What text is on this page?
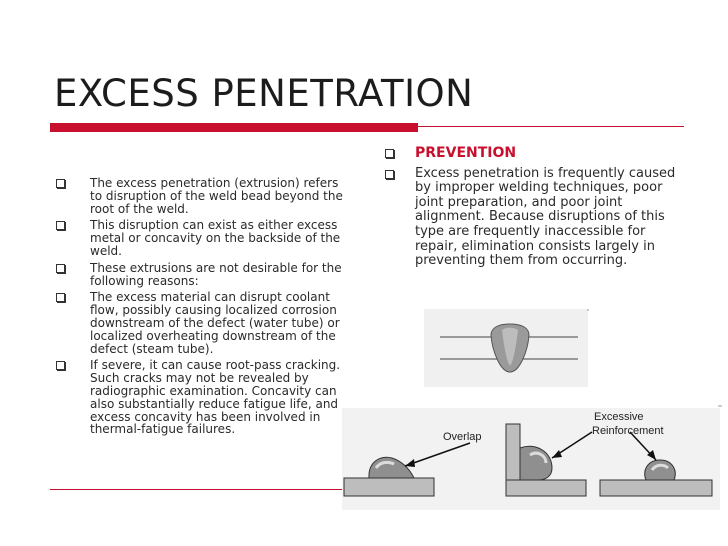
EXCESS PENETRATION
The excess penetration (extrusion) refers to disruption of the weld bead beyond the root of the weld.
This disruption can exist as either excess metal or concavity on the backside of the weld.
These extrusions are not desirable for the following reasons:
The excess material can disrupt coolant flow, possibly causing localized corrosion downstream of the defect (water tube) or localized overheating downstream of the defect (steam tube).
If severe, it can cause root-pass cracking. Such cracks may not be revealed by radiographic examination. Concavity can also substantially reduce fatigue life, and excess concavity has been involved in thermal-fatigue failures.
PREVENTION
Excess penetration is frequently caused by improper welding techniques, poor joint preparation, and poor joint alignment. Because disruptions of this type are frequently inaccessible for repair, elimination consists largely in preventing them from occurring.
Overlap
Excessive
Reinforcement
